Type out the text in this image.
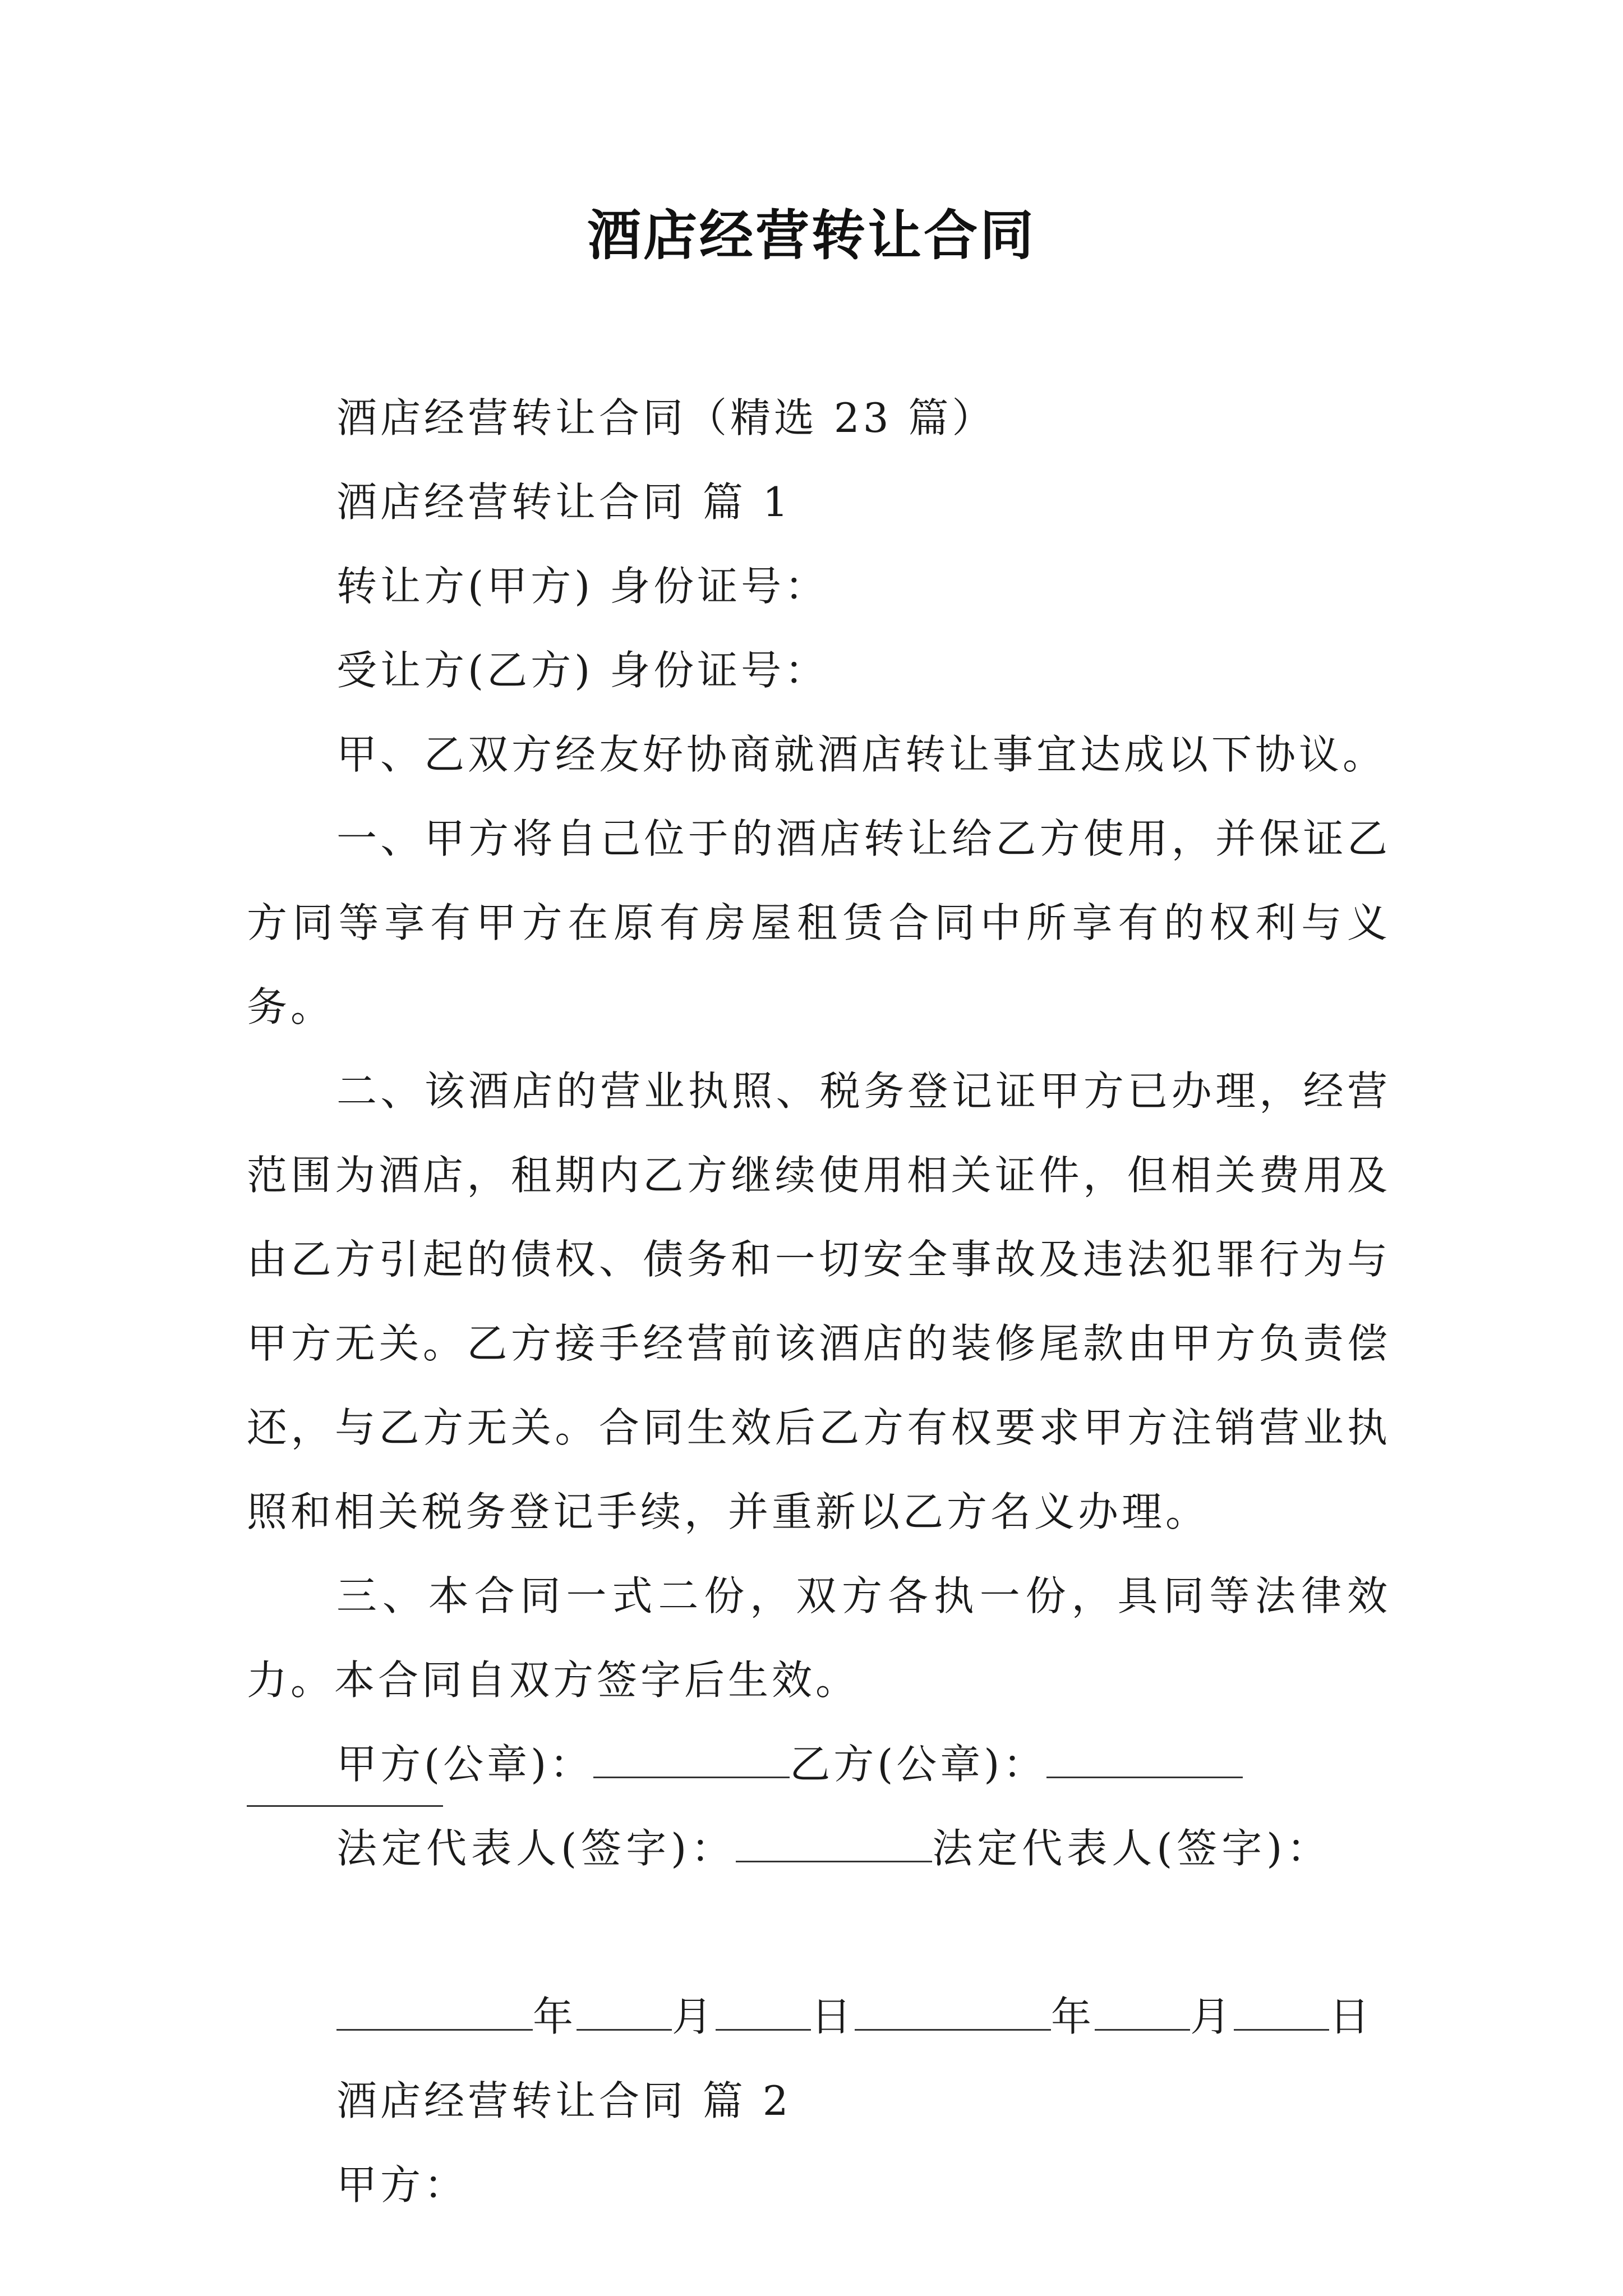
酒店经营转让合同
酒店经营转让合同（精选 23 篇）
酒店经营转让合同 篇 1
转让方(甲方) 身份证号：
受让方(乙方) 身份证号：
甲、乙双方经友好协商就酒店转让事宜达成以下协议。
一、甲方将自己位于的酒店转让给乙方使用，并保证乙方同等享有甲方在原有房屋租赁合同中所享有的权利与义务。
二、该酒店的营业执照、税务登记证甲方已办理，经营范围为酒店，租期内乙方继续使用相关证件，但相关费用及由乙方引起的债权、债务和一切安全事故及违法犯罪行为与甲方无关。乙方接手经营前该酒店的装修尾款由甲方负责偿还，与乙方无关。合同生效后乙方有权要求甲方注销营业执照和相关税务登记手续，并重新以乙方名义办理。
三、本合同一式二份，双方各执一份，具同等法律效力。本合同自双方签字后生效。
甲方(公章)：	乙方(公章)：
法定代表人(签字)：	法定代表人(签字)：
年 月 日	年 月 日
酒店经营转让合同 篇 2
甲方：
